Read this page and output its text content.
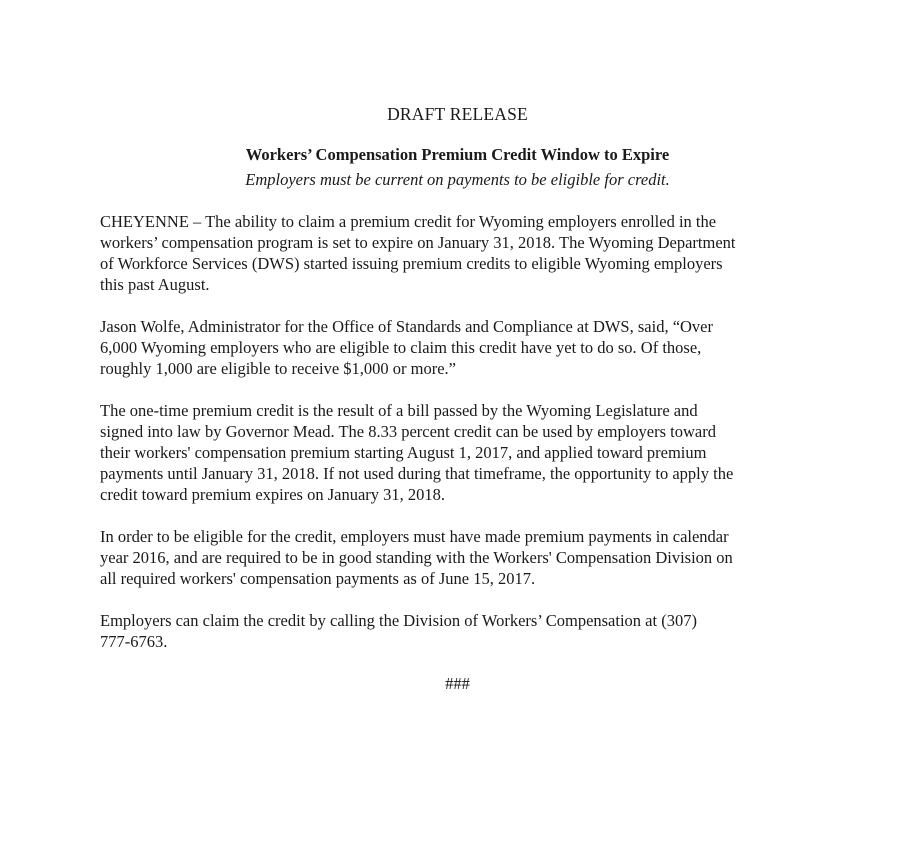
DRAFT RELEASE
Workers’ Compensation Premium Credit Window to Expire

Employers must be current on payments to be eligible for credit.

CHEYENNE – The ability to claim a premium credit for Wyoming employers enrolled in the
workers’ compensation program is set to expire on January 31, 2018. The Wyoming Department
of Workforce Services (DWS) started issuing premium credits to eligible Wyoming employers
this past August.

Jason Wolfe, Administrator for the Office of Standards and Compliance at DWS, said, “Over
6,000 Wyoming employers who are eligible to claim this credit have yet to do so. Of those,
roughly 1,000 are eligible to receive $1,000 or more.”

The one-time premium credit is the result of a bill passed by the Wyoming Legislature and
signed into law by Governor Mead. The 8.33 percent credit can be used by employers toward
their workers' compensation premium starting August 1, 2017, and applied toward premium
payments until January 31, 2018. If not used during that timeframe, the opportunity to apply the
credit toward premium expires on January 31, 2018.

In order to be eligible for the credit, employers must have made premium payments in calendar
year 2016, and are required to be in good standing with the Workers' Compensation Division on
all required workers' compensation payments as of June 15, 2017.

Employers can claim the credit by calling the Division of Workers’ Compensation at (307)
777-6763.

###
